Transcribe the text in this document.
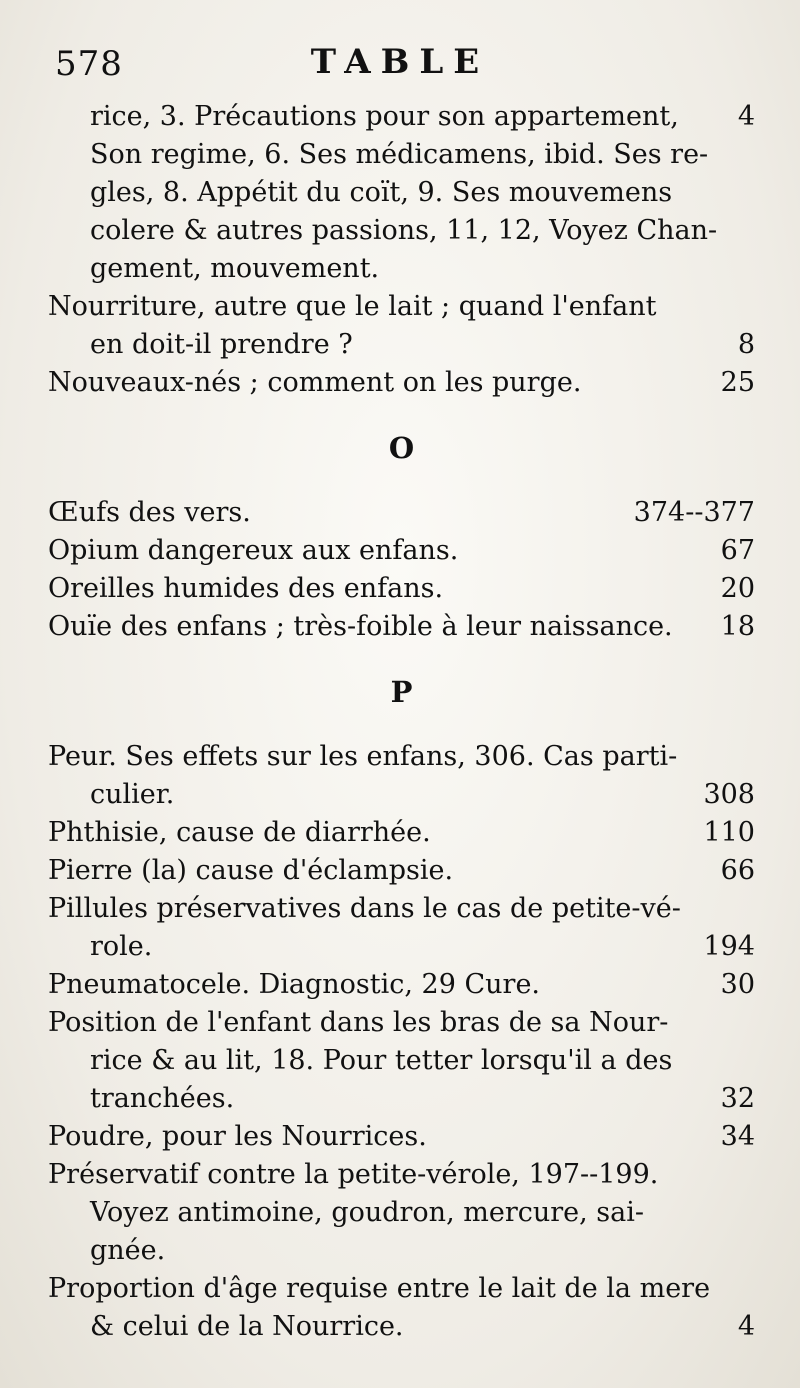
578	TABLE
rice, 3. Précautions pour son appartement, 4
Son regime, 6. Ses médicamens, ibid. Ses re-
gles, 8. Appétit du coït, 9. Ses mouvemens
colere & autres passions, 11, 12, Voyez Chan-
gement, mouvement.
Nourriture, autre que le lait ; quand l'enfant
en doit-il prendre ?	8
Nouveaux-nés ; comment on les purge.	25
O
Œufs des vers.	374--377
Opium dangereux aux enfans.	67
Oreilles humides des enfans.	20
Ouïe des enfans ; très-foible à leur naissance. 18
P
Peur. Ses effets sur les enfans, 306. Cas parti-
culier.	308
Phthisie, cause de diarrhée.	110
Pierre (la) cause d'éclampsie.	66
Pillules préservatives dans le cas de petite-vé-
role.	194
Pneumatocele. Diagnostic, 29 Cure.	30
Position de l'enfant dans les bras de sa Nour-
rice & au lit, 18. Pour tetter lorsqu'il a des
tranchées.	32
Poudre, pour les Nourrices.	34
Préservatif contre la petite-vérole, 197--199.
Voyez antimoine, goudron, mercure, sai-
gnée.
Proportion d'âge requise entre le lait de la mere
& celui de la Nourrice.	4
